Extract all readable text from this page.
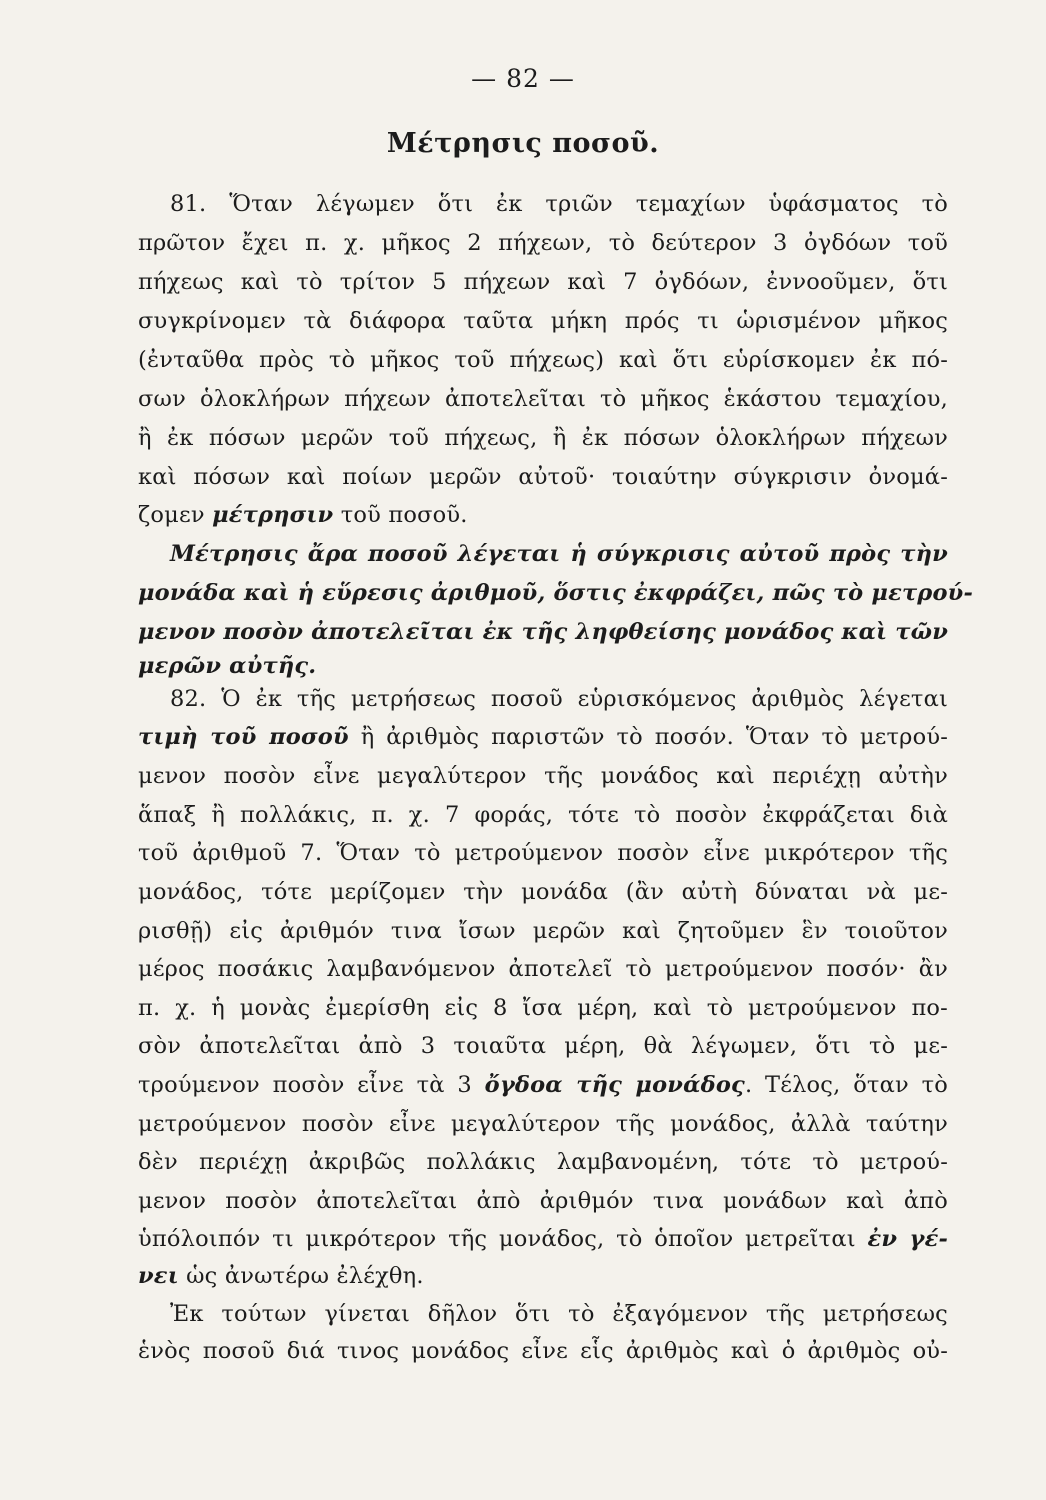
— 82 —
Μέτρησις ποσοῦ.
81. Ὅταν λέγωμεν ὅτι ἐκ τριῶν τεμαχίων ὑφάσματος τὸ
πρῶτον ἔχει π. χ. μῆκος 2 πήχεων, τὸ δεύτερον 3 ὀγδόων τοῦ
πήχεως καὶ τὸ τρίτον 5 πήχεων καὶ 7 ὀγδόων, ἐννοοῦμεν, ὅτι
συγκρίνομεν τὰ διάφορα ταῦτα μήκη πρός τι ὡρισμένον μῆκος
(ἐνταῦθα πρὸς τὸ μῆκος τοῦ πήχεως) καὶ ὅτι εὑρίσκομεν ἐκ πό-
σων ὁλοκλήρων πήχεων ἀποτελεῖται τὸ μῆκος ἑκάστου τεμαχίου,
ἢ ἐκ πόσων μερῶν τοῦ πήχεως, ἢ ἐκ πόσων ὁλοκλήρων πήχεων
καὶ πόσων καὶ ποίων μερῶν αὐτοῦ· τοιαύτην σύγκρισιν ὀνομά-
ζομεν μέτρησιν τοῦ ποσοῦ.
Μέτρησις ἄρα ποσοῦ λέγεται ἡ σύγκρισις αὐτοῦ πρὸς τὴν
μονάδα καὶ ἡ εὕρεσις ἀριθμοῦ, ὅστις ἐκφράζει, πῶς τὸ μετρού-
μενον ποσὸν ἀποτελεῖται ἐκ τῆς ληφθείσης μονάδος καὶ τῶν
μερῶν αὐτῆς.
82. Ὁ ἐκ τῆς μετρήσεως ποσοῦ εὑρισκόμενος ἀριθμὸς λέγεται
τιμὴ τοῦ ποσοῦ ἢ ἀριθμὸς παριστῶν τὸ ποσόν. Ὅταν τὸ μετρού-
μενον ποσὸν εἶνε μεγαλύτερον τῆς μονάδος καὶ περιέχῃ αὐτὴν
ἅπαξ ἢ πολλάκις, π. χ. 7 φοράς, τότε τὸ ποσὸν ἐκφράζεται διὰ
τοῦ ἀριθμοῦ 7. Ὅταν τὸ μετρούμενον ποσὸν εἶνε μικρότερον τῆς
μονάδος, τότε μερίζομεν τὴν μονάδα (ἂν αὐτὴ δύναται νὰ με-
ρισθῇ) εἰς ἀριθμόν τινα ἴσων μερῶν καὶ ζητοῦμεν ἓν τοιοῦτον
μέρος ποσάκις λαμβανόμενον ἀποτελεῖ τὸ μετρούμενον ποσόν· ἂν
π. χ. ἡ μονὰς ἐμερίσθη εἰς 8 ἴσα μέρη, καὶ τὸ μετρούμενον πο-
σὸν ἀποτελεῖται ἀπὸ 3 τοιαῦτα μέρη, θὰ λέγωμεν, ὅτι τὸ με-
τρούμενον ποσὸν εἶνε τὰ 3 ὄγδοα τῆς μονάδος. Τέλος, ὅταν τὸ
μετρούμενον ποσὸν εἶνε μεγαλύτερον τῆς μονάδος, ἀλλὰ ταύτην
δὲν περιέχῃ ἀκριβῶς πολλάκις λαμβανομένη, τότε τὸ μετρού-
μενον ποσὸν ἀποτελεῖται ἀπὸ ἀριθμόν τινα μονάδων καὶ ἀπὸ
ὑπόλοιπόν τι μικρότερον τῆς μονάδος, τὸ ὁποῖον μετρεῖται ἐν γέ-
νει ὡς ἀνωτέρω ἐλέχθη.
Ἐκ τούτων γίνεται δῆλον ὅτι τὸ ἐξαγόμενον τῆς μετρήσεως
ἑνὸς ποσοῦ διά τινος μονάδος εἶνε εἷς ἀριθμὸς καὶ ὁ ἀριθμὸς οὐ-
